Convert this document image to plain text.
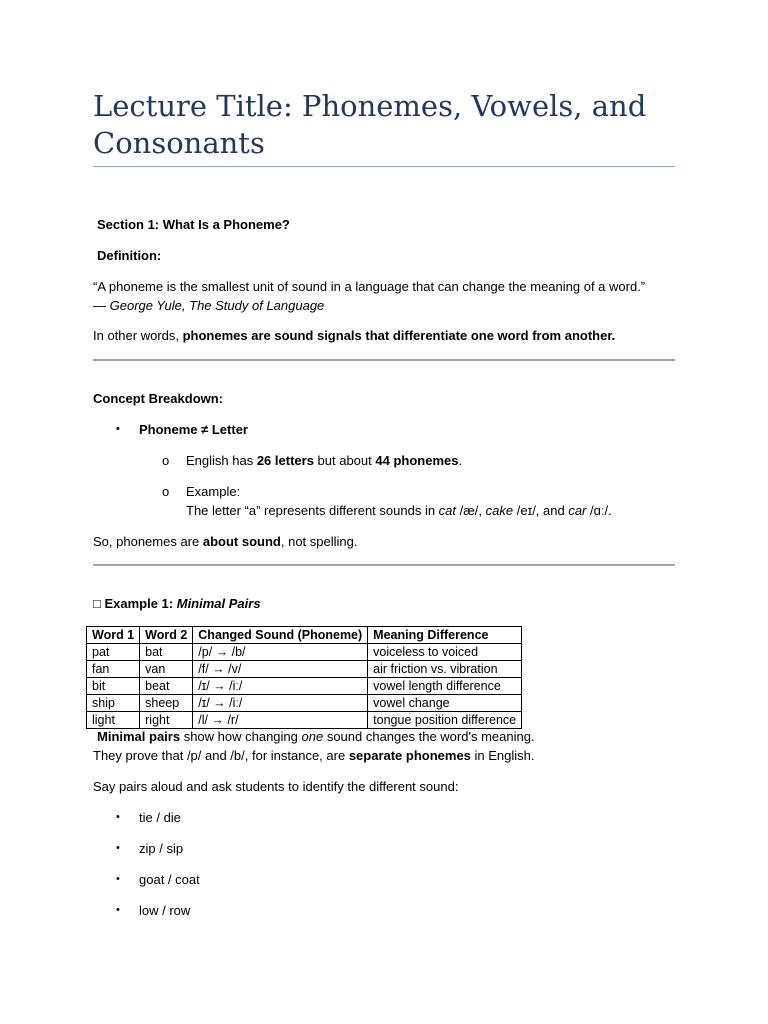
Lecture Title: Phonemes, Vowels, and Consonants
Section 1: What Is a Phoneme?
Definition:
“A phoneme is the smallest unit of sound in a language that can change the meaning of a word.”
— George Yule, The Study of Language
In other words, phonemes are sound signals that differentiate one word from another.
Concept Breakdown:
• Phoneme ≠ Letter
o English has 26 letters but about 44 phonemes.
o Example:
The letter “a” represents different sounds in cat /æ/, cake /eɪ/, and car /ɑː/.
So, phonemes are about sound, not spelling.
□ Example 1: Minimal Pairs
Word 1	Word 2	Changed Sound (Phoneme)	Meaning Difference
pat	bat	/p/ → /b/	voiceless to voiced
fan	van	/f/ → /v/	air friction vs. vibration
bit	beat	/ɪ/ → /iː/	vowel length difference
ship	sheep	/ɪ/ → /iː/	vowel change
light	right	/l/ → /r/	tongue position difference
Minimal pairs show how changing one sound changes the word's meaning.
They prove that /p/ and /b/, for instance, are separate phonemes in English.
Say pairs aloud and ask students to identify the different sound:
• tie / die
• zip / sip
• goat / coat
• low / row
